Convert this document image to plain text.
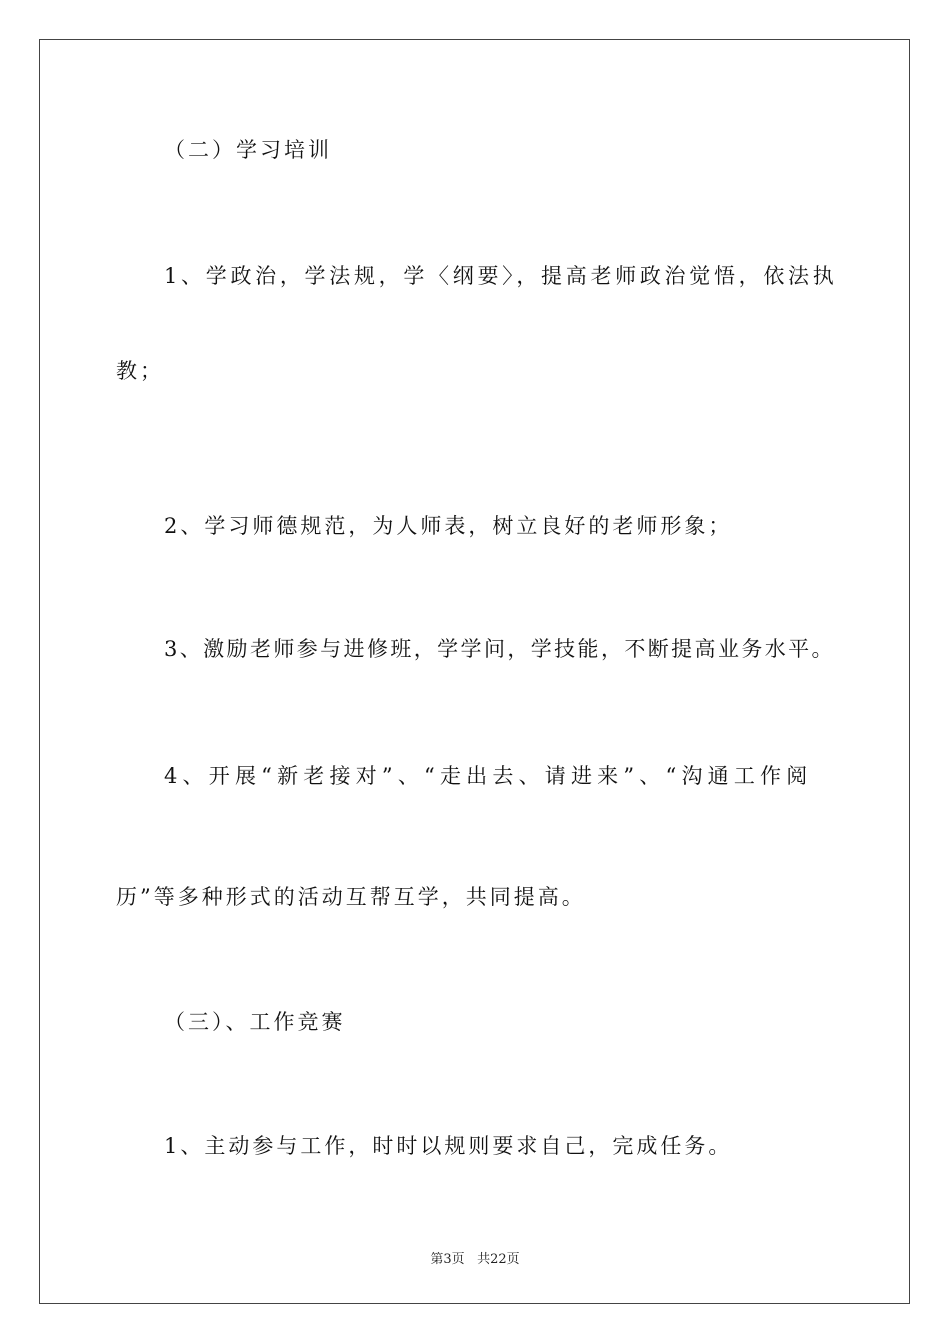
（二）学习培训
1、学政治，学法规，学〈纲要〉，提高老师政治觉悟，依法执
教；
2、学习师德规范，为人师表，树立良好的老师形象；
3、激励老师参与进修班，学学问，学技能，不断提高业务水平。
4、开展“新老接对”、“走出去、请进来”、“沟通工作阅
历”等多种形式的活动互帮互学，共同提高。
（三）、工作竞赛
1、主动参与工作，时时以规则要求自己，完成任务。
第3页 共22页
